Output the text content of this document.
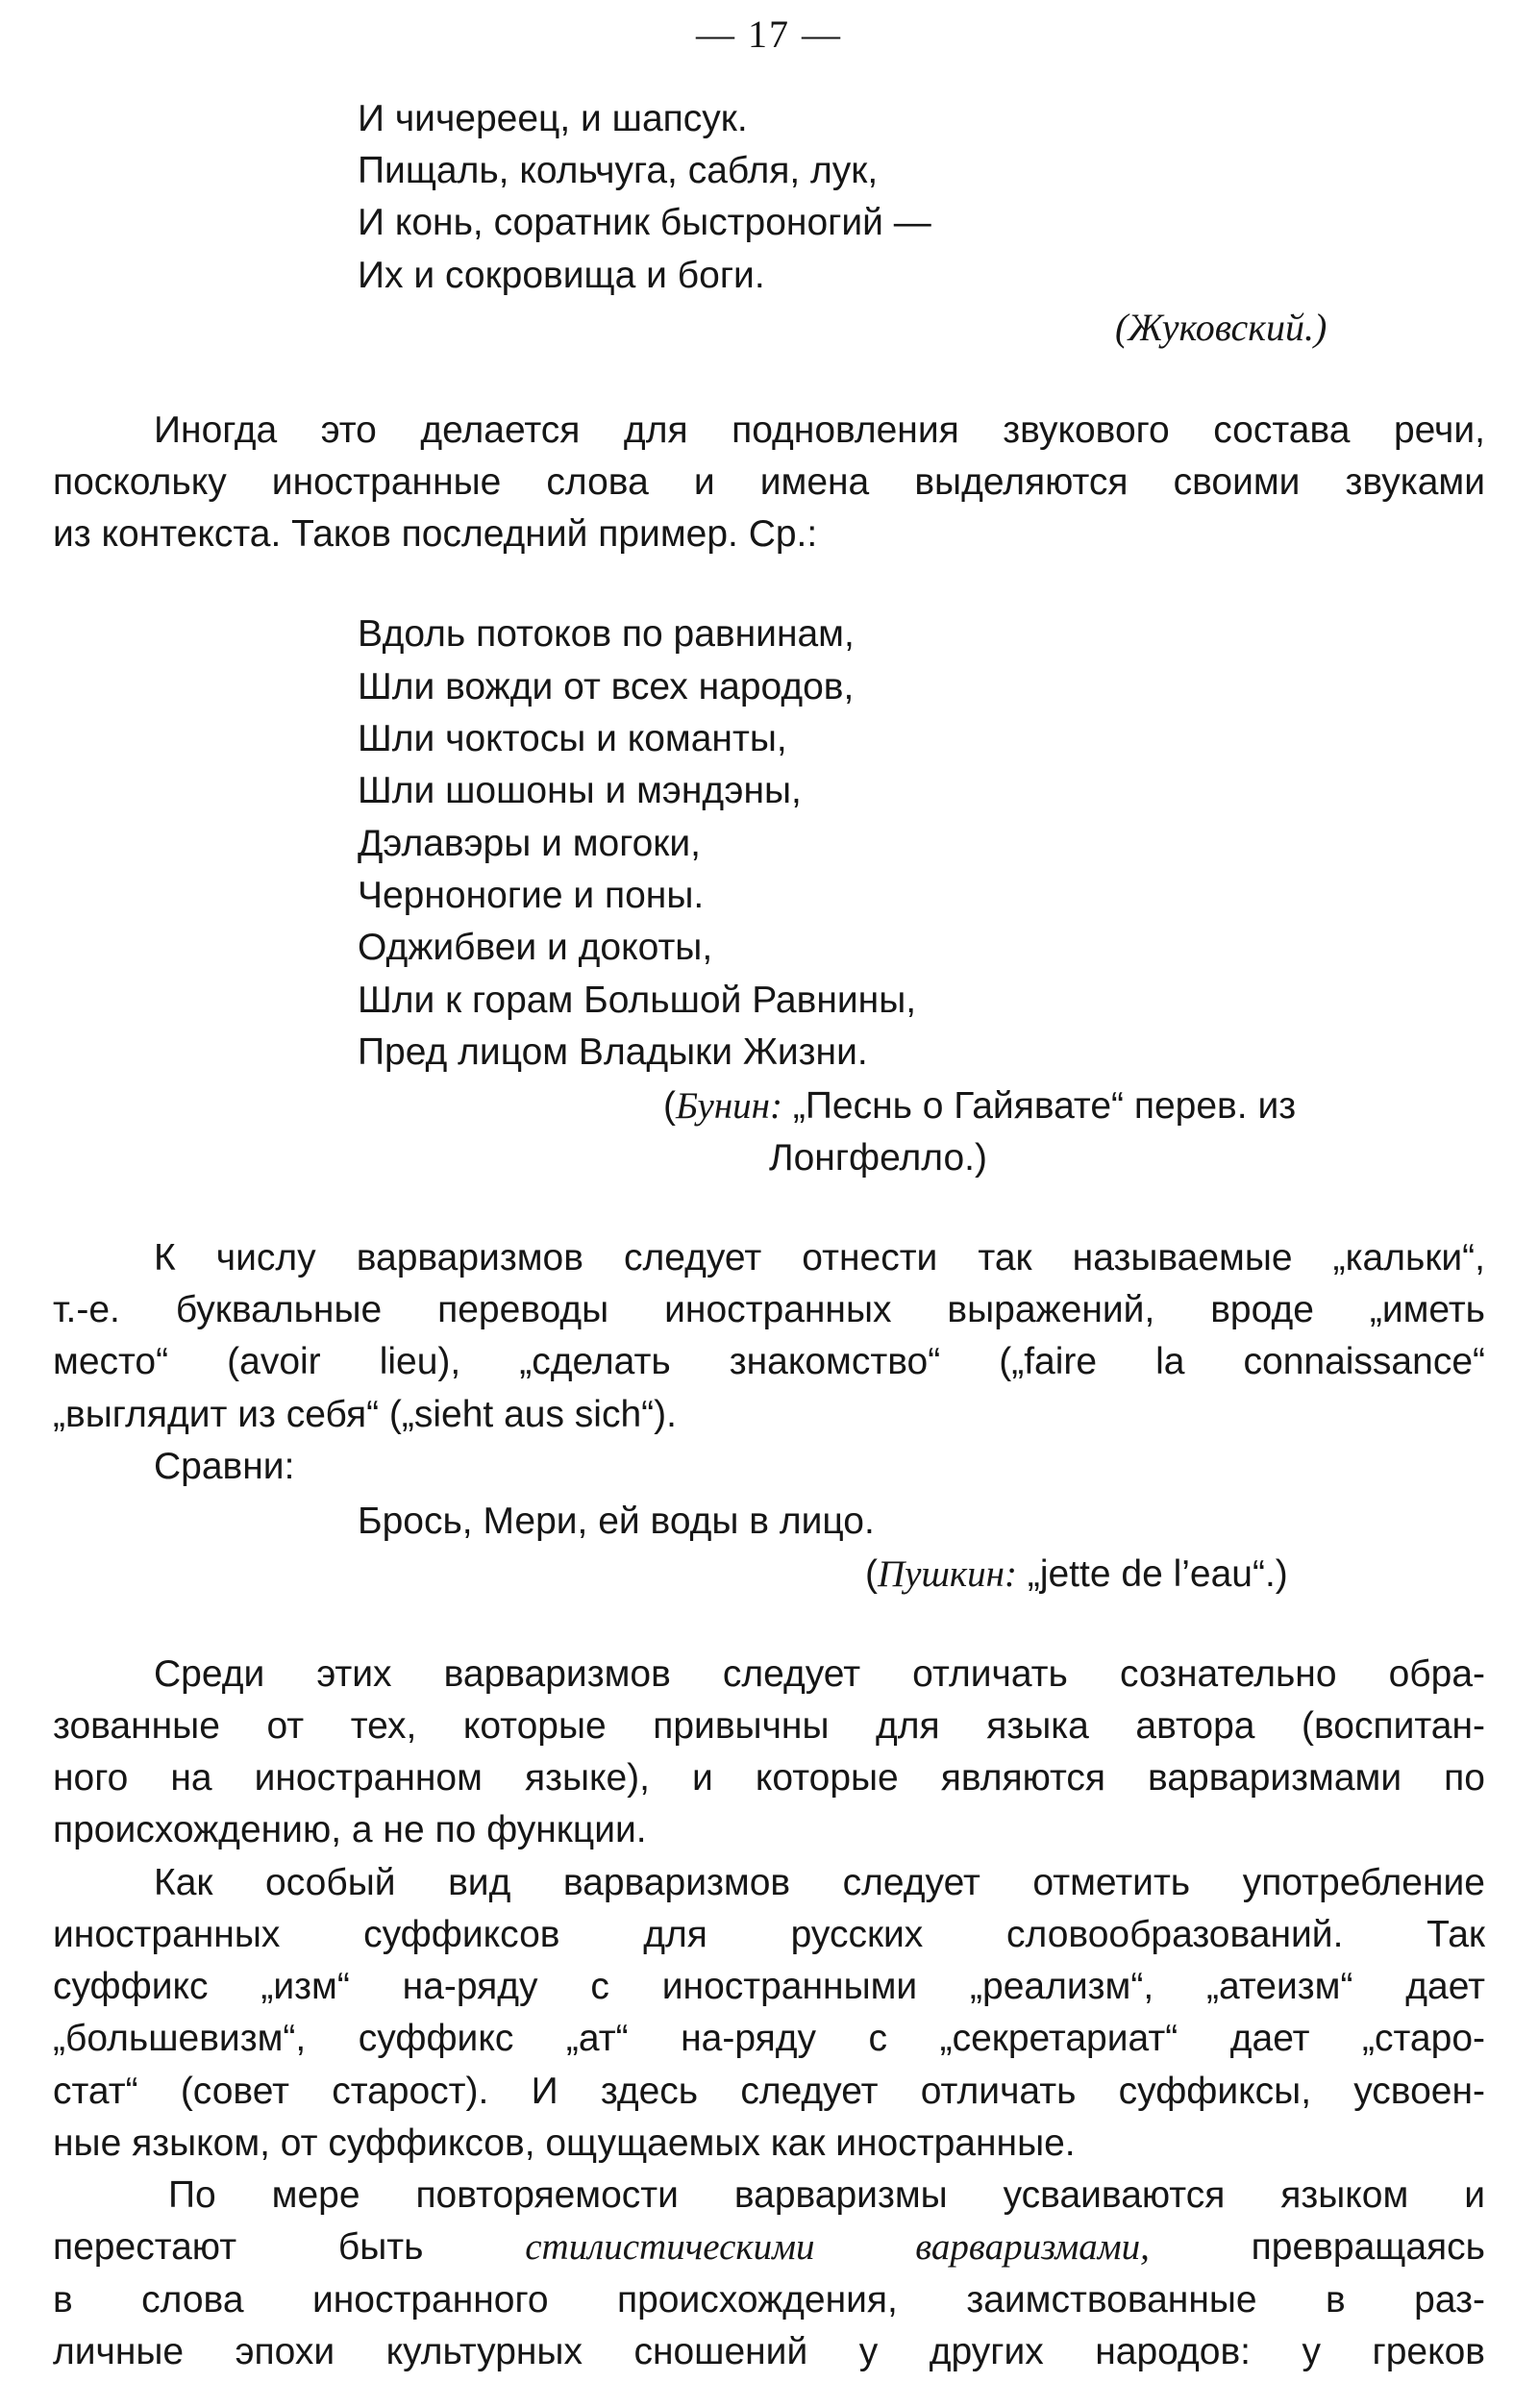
— 17 —
И чичереец, и шапсук.
Пищаль, кольчуга, сабля, лук,
И конь, соратник быстроногий —
Их и сокровища и боги.
(Жуковский.)
Иногда это делается для подновления звукового состава речи,
поскольку иностранные слова и имена выделяются своими звуками
из контекста. Таков последний пример. Ср.:
Вдоль потоков по равнинам,
Шли вожди от всех народов,
Шли чоктосы и команты,
Шли шошоны и мэндэны,
Дэлавэры и могоки,
Черноногие и поны.
Оджибвеи и докоты,
Шли к горам Большой Равнины,
Пред лицом Владыки Жизни.
(Бунин: „Песнь о Гайявате“ перев. из
Лонгфелло.)
К числу варваризмов следует отнести так называемые „кальки“,
т.-е. буквальные переводы иностранных выражений, вроде „иметь
место“ (avoir lieu), „сделать знакомство“ („faire la connaissance“
„выглядит из себя“ („sieht aus sich“).
Сравни:
Брось, Мери, ей воды в лицо.
(Пушкин: „jette de l’eau“.)
Среди этих варваризмов следует отличать сознательно обра-
зованные от тех, которые привычны для языка автора (воспитан-
ного на иностранном языке), и которые являются варваризмами по
происхождению, а не по функции.
Как особый вид варваризмов следует отметить употребление
иностранных суффиксов для русских словообразований. Так
суффикс „изм“ на-ряду с иностранными „реализм“, „атеизм“ дает
„большевизм“, суффикс „ат“ на-ряду с „секретариат“ дает „старо-
стат“ (совет старост). И здесь следует отличать суффиксы, усвоен-
ные языком, от суффиксов, ощущаемых как иностранные.
По мере повторяемости варваризмы усваиваются языком и
перестают быть	стилистическими варваризмами,	превращаясь
в слова иностранного происхождения, заимствованные в раз-
личные эпохи культурных сношений у других народов: у греков
